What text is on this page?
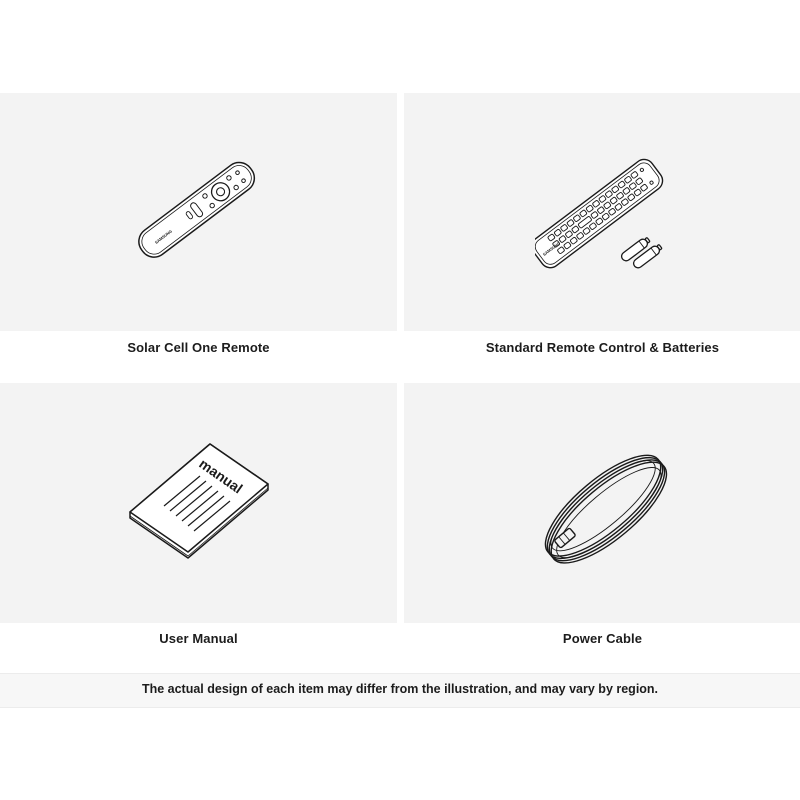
SAMSUNG
Solar Cell One Remote
SAMSUNG
Standard Remote Control & Batteries
manual
User Manual	Power Cable
The actual design of each item may differ from the illustration, and may vary by region.
